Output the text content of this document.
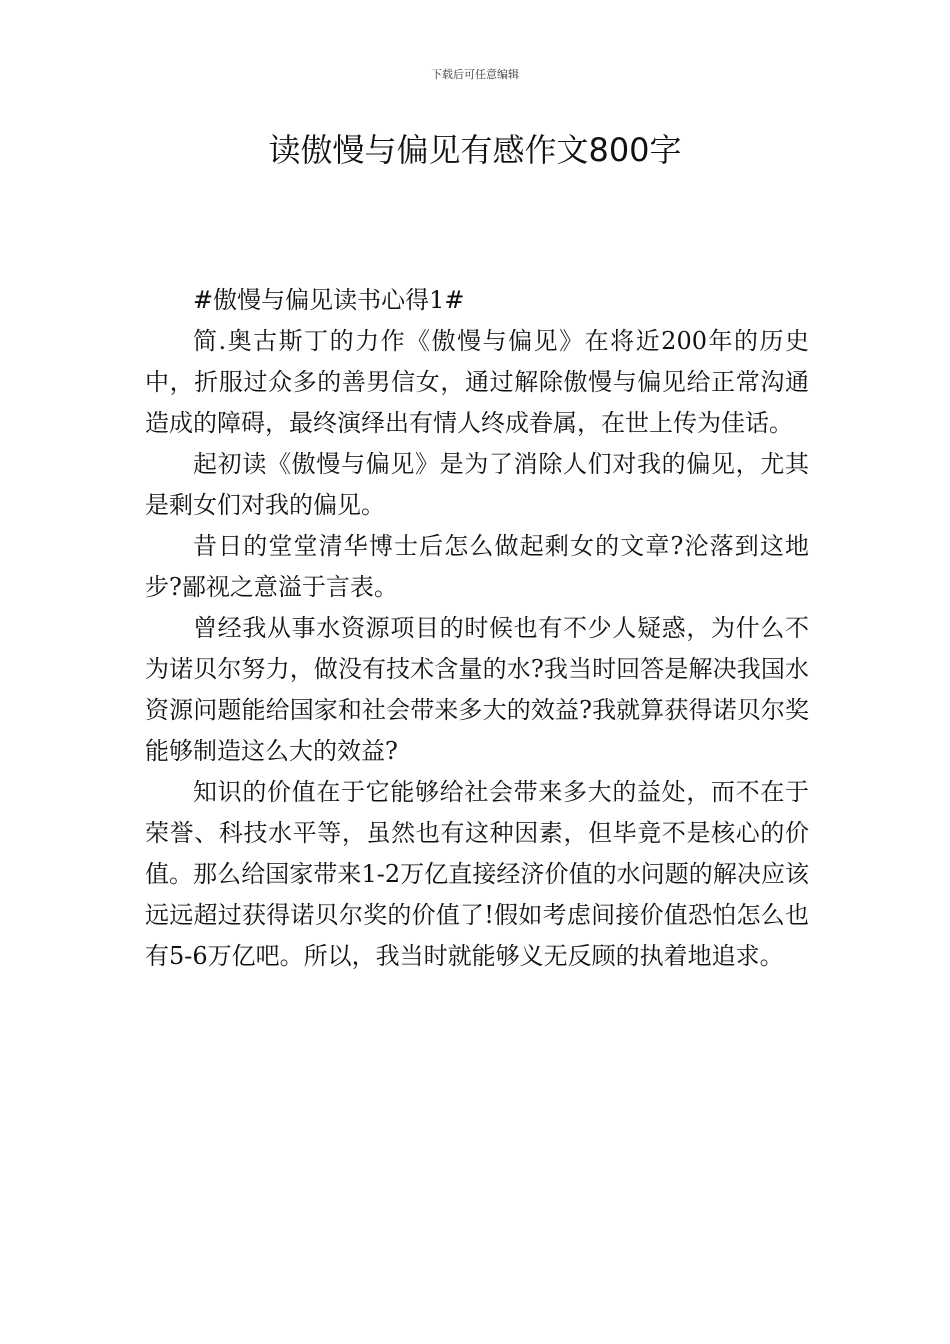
下载后可任意编辑
读傲慢与偏见有感作文800字

#傲慢与偏见读书心得1#

简.奥古斯丁的力作《傲慢与偏见》在将近200年的历史中，折服过众多的善男信女，通过解除傲慢与偏见给正常沟通造成的障碍，最终演绎出有情人终成眷属，在世上传为佳话。

起初读《傲慢与偏见》是为了消除人们对我的偏见，尤其是剩女们对我的偏见。

昔日的堂堂清华博士后怎么做起剩女的文章?沦落到这地步?鄙视之意溢于言表。

曾经我从事水资源项目的时候也有不少人疑惑，为什么不为诺贝尔努力，做没有技术含量的水?我当时回答是解决我国水资源问题能给国家和社会带来多大的效益?我就算获得诺贝尔奖能够制造这么大的效益?

知识的价值在于它能够给社会带来多大的益处，而不在于荣誉、科技水平等，虽然也有这种因素，但毕竟不是核心的价值。那么给国家带来1-2万亿直接经济价值的水问题的解决应该远远超过获得诺贝尔奖的价值了!假如考虑间接价值恐怕怎么也有5-6万亿吧。所以，我当时就能够义无反顾的执着地追求。
